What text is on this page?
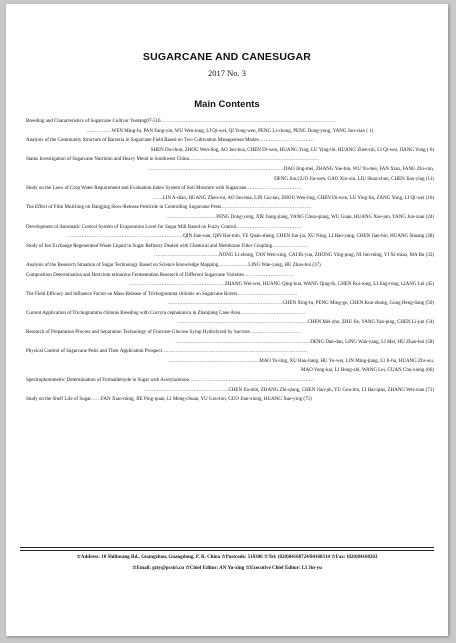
SUGARCANE AND CANESUGAR
2017 No. 3
Main Contents
Breeding and Characteristics of Sugarcane Cultivar Yuetang07-516……………………………………………………………………………………………
……………WEN Ming-fu, PAN Fang-yin, WU Wen-long, LI Qi-wei, QI Yong-wen, PENG Li-chong, PENG Dong-yong, YANG Jun-xian ( 1)
Analysis of the Community Structure of Bacteria in Sugarcane Field Based on Two Cultivation Management Modes……………………………
SHEN Da-chun, ZHOU Wen-ling, AO Jun-hua, CHEN Di-wen, HUANG Ying, LU Ying-lin, HUANG Zhen-rui, LI Qi-wei, JIANG Yong ( 6)
Status Investigation of Sugarcane Nutrition and Heavy Metal in Southwest China……………………………………………………………………
………………………………………………………………………DAO Jing-mei, ZHANG Yue-bin, WU Yu-mei, FAN Xian, FANG Zhi-cun,
DENG Jun,GUO Jia-wen, GAO Xin-xin, LIU Shao-chun, CHEN Jian-ying (11)
Study on the Laws of Crop Water Requirement and Evaluation Index System of Soil Moisture with Sugarcane……………………………
……LIN A-dian, HUANG Zhen-rui, AO Jun-hua, LIN Cui-lan, ZHOU Wen-ling, CHEN Di-wen, LU Ying-lin, ZANG Yong, LI Qi-wei (16)
The Effect of Film Mulching on Dangjing Slow-Release Pesticide in Controlling Sugarcane Pests………………………………………………
…………………………PENG Dong-yong, XIE Jiang-jiang, YANG Chun-qiang, WU Guan, HUANG Xue-jun, YANG Jun-xian (24)
Development of Automatic Control System of Evaporation Level for Sugar Mill Based on Fuzzy Control…………………………………
……………………………………………………………QIN Jian-nan, QIN Hai-min, YE Quan-sheng, CHEN Jun-jia, XU Ning, LI Hao-yang, CHEN Jian-bin, HUANG Shuang (28)
Study of Ion Exchange Regenerated Waste Liquid in Sugar Refinery Dealed with Chemical and Membrane Filter Coupling…………………
…………………………………NONG Li-zhong, TAN Wen-xing, CAI Bi-yun, ZHONG Ying-ping, NI Jun-ming, YI Xi-miao, MA Bu (32)
Analysis of the Research Situation of Sugar Technology Based on Science Knowledge Mapping………………LING Wan-yang, HU Zhao-hui (37)
Composition Determination and Hericium erinaceus Fermentation Research of Different Sugarcane Varieties…………………………
…………………………………………………ZHANG Wei-wei, HUANG Qing-hua, WANG Qing-fu, CHEN Rui-rong, LI Jing-rong, LIANG Lei (45)
The Field Efficacy and Influence Factor on Mass-Release of Trichogramma chilonis on Sugarcane Borers………………………………
……………………………………………………………CHEN Xing-fu, PENG Ming-ge, CHEN Kun-zhong, Gong Heng-liang (50)
Current Application of Trichogramma chilonis Breeding with Corcyra cephalonica in Zhanjiang Cane Area…………………………………
……………………………………………………………………CHEN Mei-zhu, ZHU Jie, YANG Yan-ping, CHEN Li-jun (54)
Research of Preparation Process and Separation Technology of Fructose-Glucose Syrup Hydrolyzed by Sucrose…………………………
………………………………………………………………………DENG Dan-dan, LING Wan-yang, LI Mei, HU Zhao-hui (58)
Physical Control of Sugarcane Pests and Their Application Prospect……………………………………………………………………………
………………………………………………MAO Yu-ling, XU Han-liang, HU Yu-wei, LIN Ming-jiang, LI Ji-hu, HUANG Zhi-wu,
MAO Yong-kai, LI Hong-zhi, WANG Lei, GUAN Chu-xiong (66)
Spectrophotometric Determination of Formaldehyde in Sugar with Acetylacetone…………………………………………………………………
……………………………………………CHEN Jia-min, ZHANG Zhi-qiang, CHEN Jian-jin, YU Gou-bin, LI Hai-qiao, ZHANG Wei-xian (71)
Study on the Shelf Life of Sugar……FAN Xiao-ming, JIE Ping-quan, LI Meng-chuan, YU Gou-bin, GUO Jian-xiong, HUANG Xue-ying (75)
☆Address: 10 Shilinsang Rd., Guangzhou, Guangdong, P. R. China ☆Postcode: 510306 ☆Tel: (020)84168724/84168314 ☆Fax: (020)84168263
☆Email: gzty@pcsiri.cn ☆Chief Editor: AN Yu-xing ☆Executive Chief Editor: LI Jin-yu
